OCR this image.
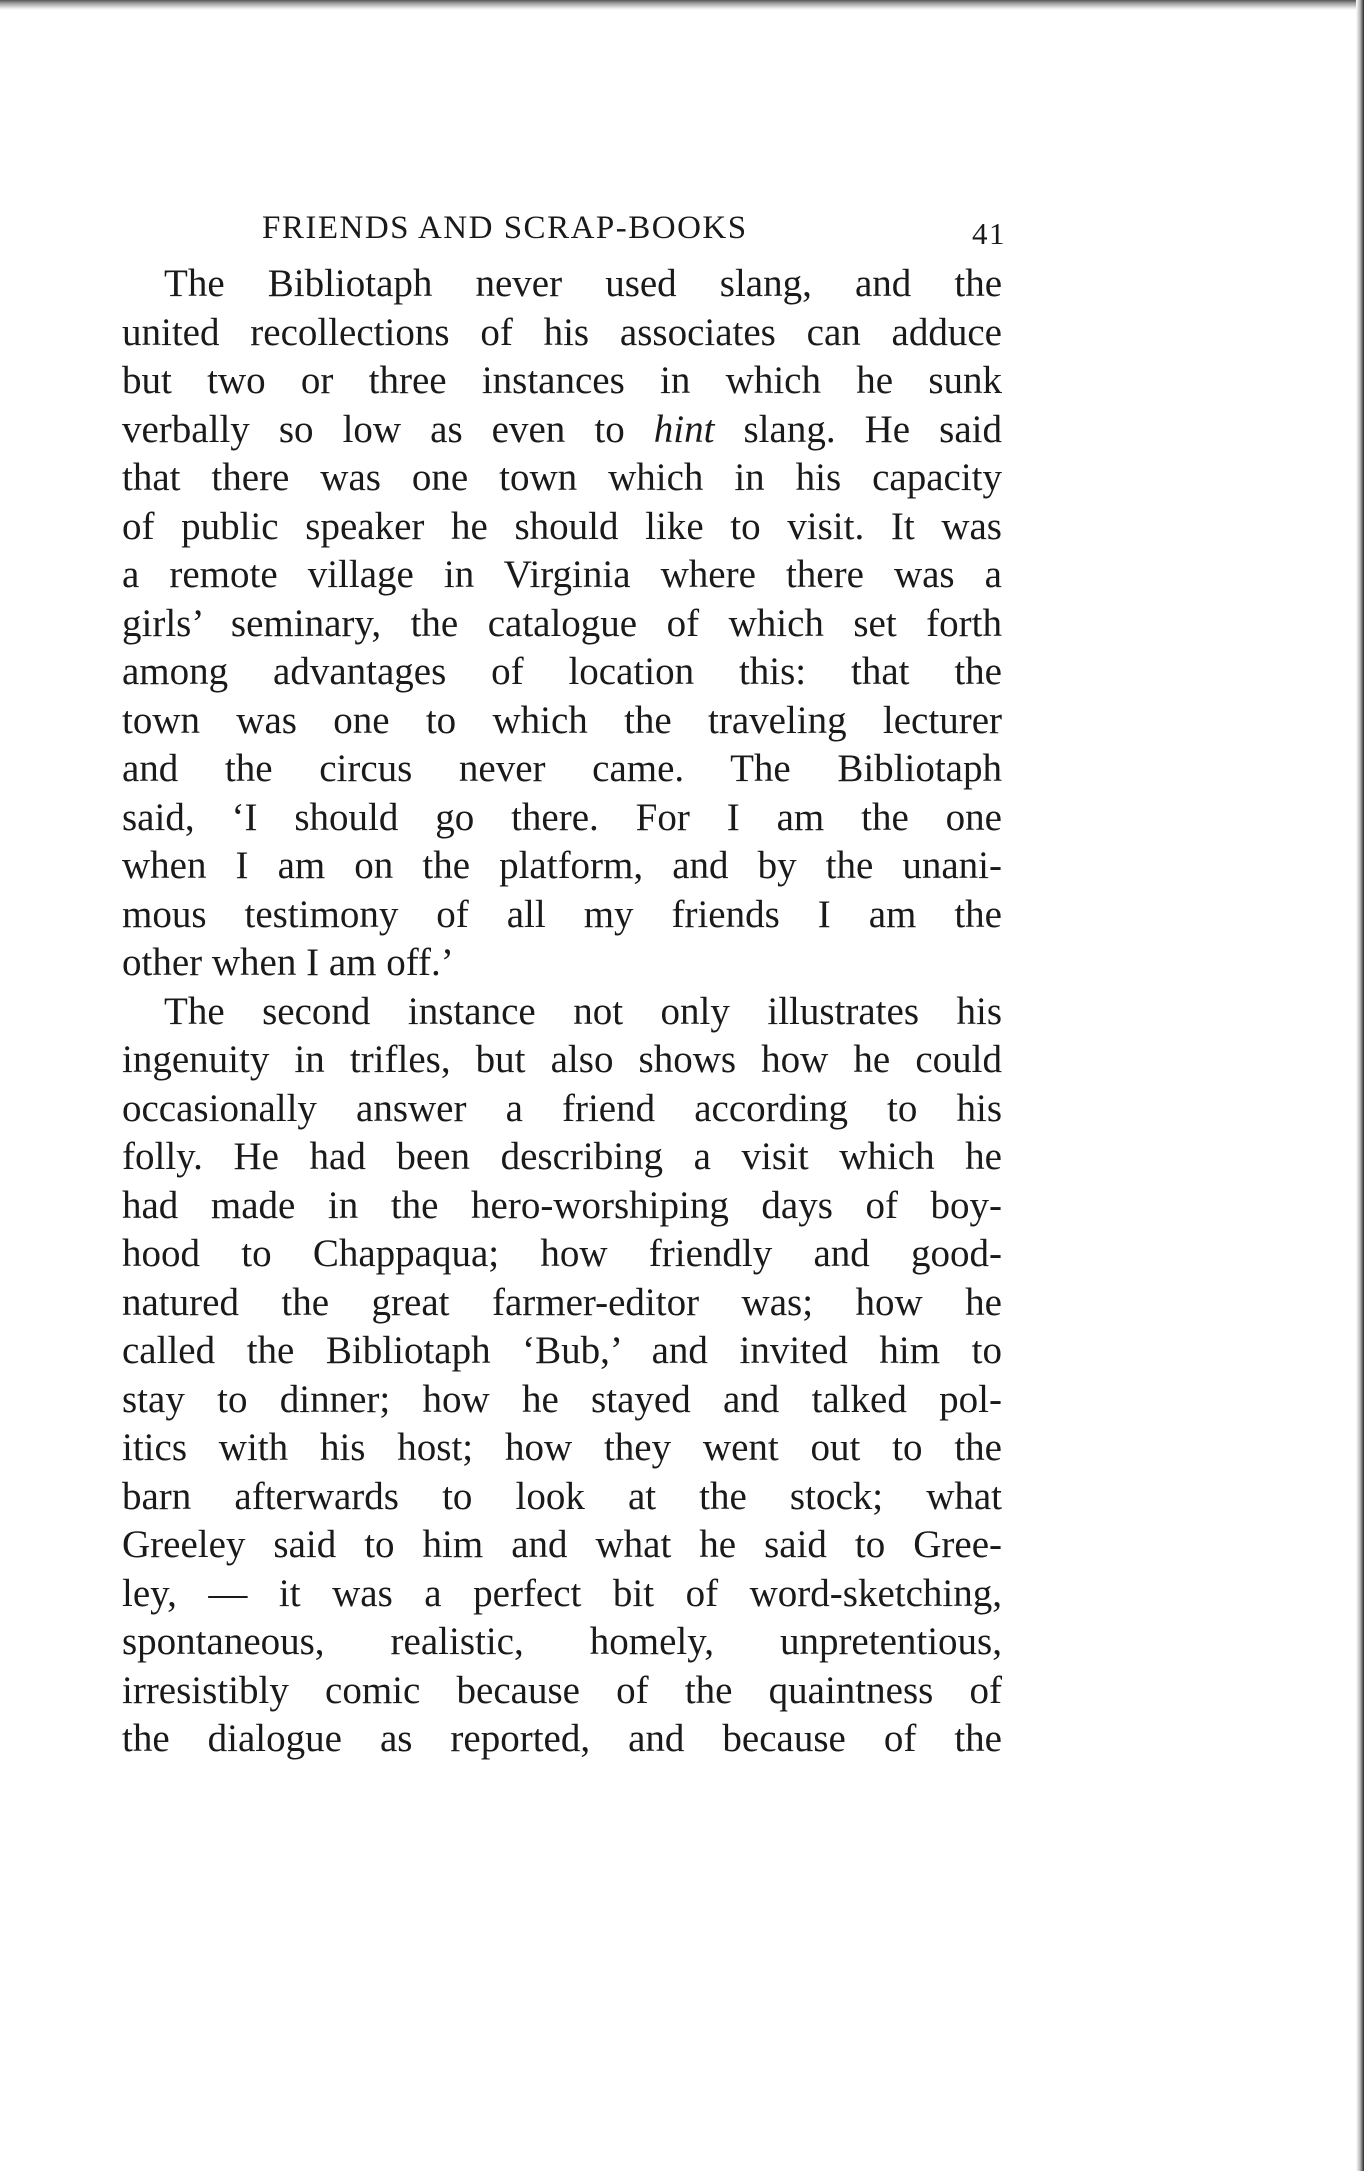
FRIENDS AND SCRAP-BOOKS	41
The Bibliotaph never used slang, and the
united recollections of his associates can adduce
but two or three instances in which he sunk
verbally so low as even to hint slang. He said
that there was one town which in his capacity
of public speaker he should like to visit. It was
a remote village in Virginia where there was a
girls’ seminary, the catalogue of which set forth
among advantages of location this: that the
town was one to which the traveling lecturer
and the circus never came. The Bibliotaph
said, ‘I should go there. For I am the one
when I am on the platform, and by the unani-
mous testimony of all my friends I am the
other when I am off.’
The second instance not only illustrates his
ingenuity in trifles, but also shows how he could
occasionally answer a friend according to his
folly. He had been describing a visit which he
had made in the hero-worshiping days of boy-
hood to Chappaqua; how friendly and good-
natured the great farmer-editor was; how he
called the Bibliotaph ‘Bub,’ and invited him to
stay to dinner; how he stayed and talked pol-
itics with his host; how they went out to the
barn afterwards to look at the stock; what
Greeley said to him and what he said to Gree-
ley, — it was a perfect bit of word-sketching,
spontaneous, realistic, homely, unpretentious,
irresistibly comic because of the quaintness of
the dialogue as reported, and because of the
